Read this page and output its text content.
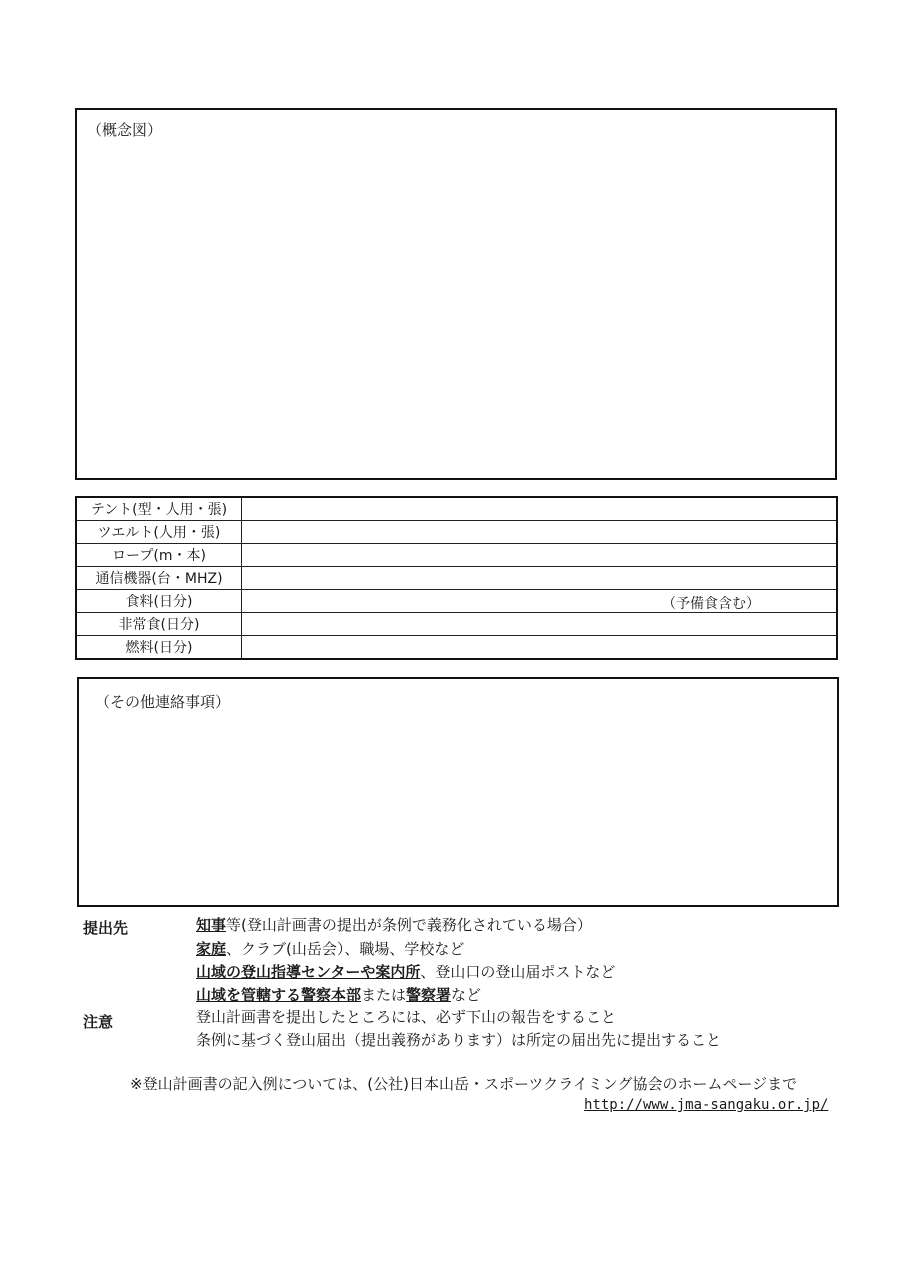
（概念図）
テント(型・人用・張)	
ツエルト(人用・張)	
ロープ(m・本)	
通信機器(台・MHZ)	
食料(日分)	（予備食含む）

非常食(日分)	
燃料(日分)	
（その他連絡事項）
提出先	知事等(登山計画書の提出が条例で義務化されている場合）
家庭、クラブ(山岳会）、職場、学校など
山域の登山指導センターや案内所、登山口の登山届ポストなど
山域を管轄する警察本部または警察署など
注意	登山計画書を提出したところには、必ず下山の報告をすること
条例に基づく登山届出（提出義務があります）は所定の届出先に提出すること
※登山計画書の記入例については、(公社)日本山岳・スポーツクライミング協会のホームページまで
http://www.jma-sangaku.or.jp/
